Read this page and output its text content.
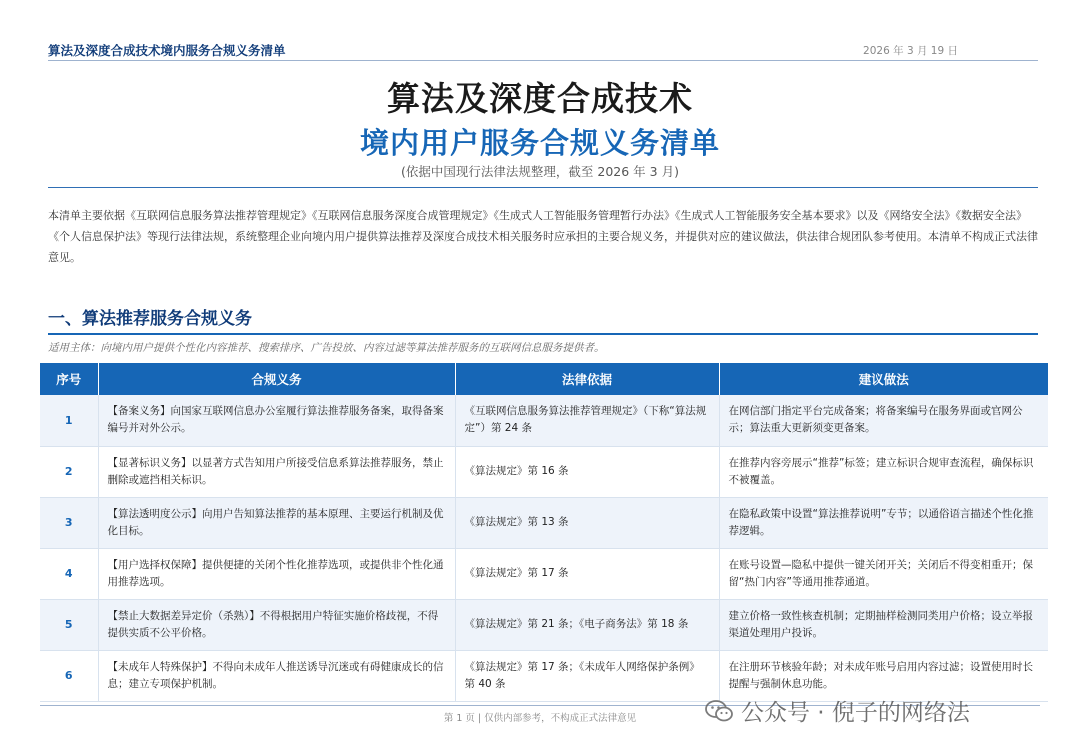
算法及深度合成技术境内服务合规义务清单	2026 年 3 月 19 日
算法及深度合成技术
境内用户服务合规义务清单
(依据中国现行法律法规整理，截至 2026 年 3 月)

本清单主要依据《互联网信息服务算法推荐管理规定》《互联网信息服务深度合成管理规定》《生成式人工智能服务管理暂行办法》《生成式人工智能服务安全基本要求》以及《网络安全法》《数据安全法》《个人信息保护法》等现行法律法规，系统整理企业向境内用户提供算法推荐及深度合成技术相关服务时应承担的主要合规义务，并提供对应的建议做法，供法律合规团队参考使用。本清单不构成正式法律意见。

一、算法推荐服务合规义务
适用主体：向境内用户提供个性化内容推荐、搜索排序、广告投放、内容过滤等算法推荐服务的互联网信息服务提供者。
序号	合规义务	法律依据	建议做法
1	【备案义务】向国家互联网信息办公室履行算法推荐服务备案，取得备案编号并对外公示。	《互联网信息服务算法推荐管理规定》（下称“算法规定”）第 24 条	在网信部门指定平台完成备案；将备案编号在服务界面或官网公示；算法重大更新须变更备案。
2	【显著标识义务】以显著方式告知用户所接受信息系算法推荐服务，禁止删除或遮挡相关标识。	《算法规定》第 16 条	在推荐内容旁展示“推荐”标签；建立标识合规审查流程，确保标识不被覆盖。
3	【算法透明度公示】向用户告知算法推荐的基本原理、主要运行机制及优化目标。	《算法规定》第 13 条	在隐私政策中设置“算法推荐说明”专节；以通俗语言描述个性化推荐逻辑。
4	【用户选择权保障】提供便捷的关闭个性化推荐选项，或提供非个性化通用推荐选项。	《算法规定》第 17 条	在账号设置—隐私中提供一键关闭开关；关闭后不得变相重开；保留“热门内容”等通用推荐通道。
5	【禁止大数据差异定价（杀熟）】不得根据用户特征实施价格歧视，不得提供实质不公平价格。	《算法规定》第 21 条；《电子商务法》第 18 条	建立价格一致性核查机制；定期抽样检测同类用户价格；设立举报渠道处理用户投诉。
6	【未成年人特殊保护】不得向未成年人推送诱导沉迷或有碍健康成长的信息；建立专项保护机制。	《算法规定》第 17 条；《未成年人网络保护条例》第 40 条	在注册环节核验年龄；对未成年账号启用内容过滤；设置使用时长提醒与强制休息功能。
第 1 页 | 仅供内部参考，不构成正式法律意见	公众号 · 倪子的网络法
